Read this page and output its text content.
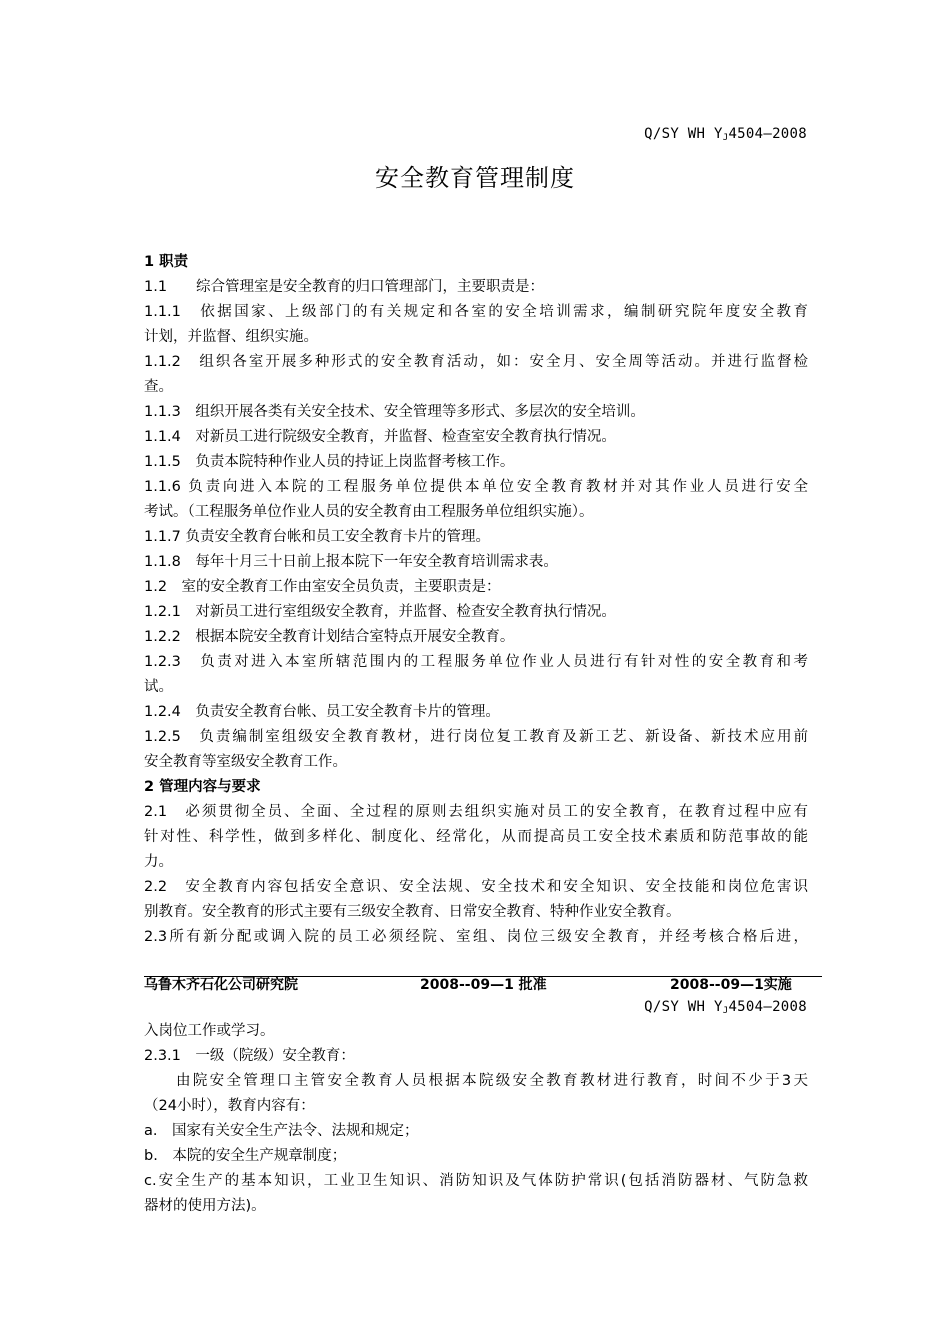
Q/SY WH $Y_J4504—2008$
安全教育管理制度
1 职责
1.1　　综合管理室是安全教育的归口管理部门，主要职责是：
1.1.1　依据国家、上级部门的有关规定和各室的安全培训需求，编制研究院年度安全教育
计划，并监督、组织实施。
1.1.2　组织各室开展多种形式的安全教育活动，如：安全月、安全周等活动。并进行监督检
查。
1.1.3　组织开展各类有关安全技术、安全管理等多形式、多层次的安全培训。
1.1.4　对新员工进行院级安全教育，并监督、检查室安全教育执行情况。
1.1.5　负责本院特种作业人员的持证上岗监督考核工作。
1.1.6 负责向进入本院的工程服务单位提供本单位安全教育教材并对其作业人员进行安全
考试。（工程服务单位作业人员的安全教育由工程服务单位组织实施）。
1.1.7 负责安全教育台帐和员工安全教育卡片的管理。
1.1.8　每年十月三十日前上报本院下一年安全教育培训需求表。
1.2　室的安全教育工作由室安全员负责，主要职责是：
1.2.1　对新员工进行室组级安全教育，并监督、检查安全教育执行情况。
1.2.2　根据本院安全教育计划结合室特点开展安全教育。
1.2.3　负责对进入本室所辖范围内的工程服务单位作业人员进行有针对性的安全教育和考
试。
1.2.4　负责安全教育台帐、员工安全教育卡片的管理。
1.2.5　负责编制室组级安全教育教材，进行岗位复工教育及新工艺、新设备、新技术应用前
安全教育等室级安全教育工作。
2 管理内容与要求
2.1　必须贯彻全员、全面、全过程的原则去组织实施对员工的安全教育，在教育过程中应有
针对性、科学性，做到多样化、制度化、经常化，从而提高员工安全技术素质和防范事故的能
力。
2.2　安全教育内容包括安全意识、安全法规、安全技术和安全知识、安全技能和岗位危害识
别教育。安全教育的形式主要有三级安全教育、日常安全教育、特种作业安全教育。
2.3所有新分配或调入院的员工必须经院、室组、岗位三级安全教育，并经考核合格后进，
乌鲁木齐石化公司研究院	2008--09—1 批准	2008--09—1实施
Q/SY WH $Y_J4504—2008$
入岗位工作或学习。
2.3.1　一级（院级）安全教育：
由院安全管理口主管安全教育人员根据本院级安全教育教材进行教育，时间不少于3天
（24小时），教育内容有：
a.　国家有关安全生产法令、法规和规定；
b.　本院的安全生产规章制度；
c.安全生产的基本知识，工业卫生知识、消防知识及气体防护常识(包括消防器材、气防急救
器材的使用方法)。
